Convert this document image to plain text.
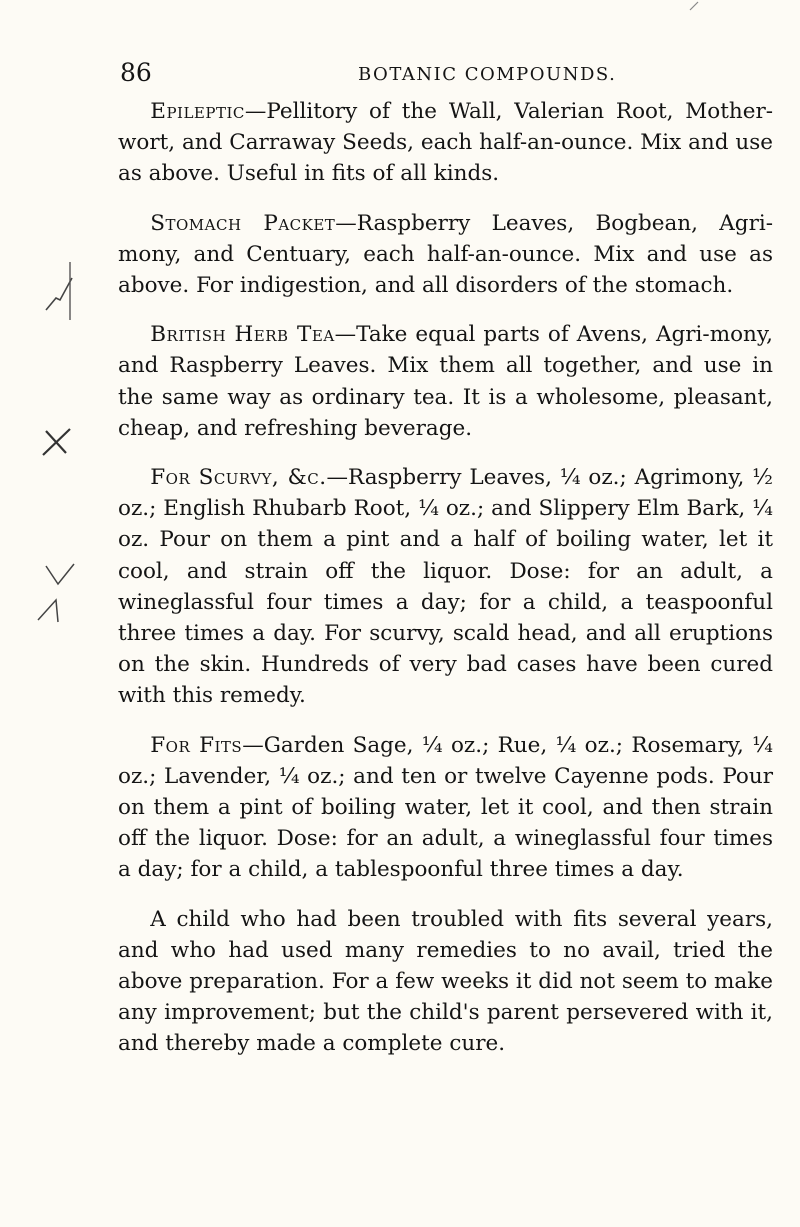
86	BOTANIC COMPOUNDS.

Epileptic—Pellitory of the Wall, Valerian Root, Mother-wort, and Carraway Seeds, each half-an-ounce. Mix and use as above. Useful in fits of all kinds.

Stomach Packet—Raspberry Leaves, Bogbean, Agri-mony, and Centuary, each half-an-ounce. Mix and use as above. For indigestion, and all disorders of the stomach.

British Herb Tea—Take equal parts of Avens, Agri-mony, and Raspberry Leaves. Mix them all together, and use in the same way as ordinary tea. It is a wholesome, pleasant, cheap, and refreshing beverage.

For Scurvy, &c.—Raspberry Leaves, ¼ oz.; Agrimony, ½ oz.; English Rhubarb Root, ¼ oz.; and Slippery Elm Bark, ¼ oz. Pour on them a pint and a half of boiling water, let it cool, and strain off the liquor. Dose: for an adult, a wineglassful four times a day; for a child, a teaspoonful three times a day. For scurvy, scald head, and all eruptions on the skin. Hundreds of very bad cases have been cured with this remedy.

For Fits—Garden Sage, ¼ oz.; Rue, ¼ oz.; Rosemary, ¼ oz.; Lavender, ¼ oz.; and ten or twelve Cayenne pods. Pour on them a pint of boiling water, let it cool, and then strain off the liquor. Dose: for an adult, a wineglassful four times a day; for a child, a tablespoonful three times a day.

A child who had been troubled with fits several years, and who had used many remedies to no avail, tried the above preparation. For a few weeks it did not seem to make any improvement; but the child's parent persevered with it, and thereby made a complete cure.
